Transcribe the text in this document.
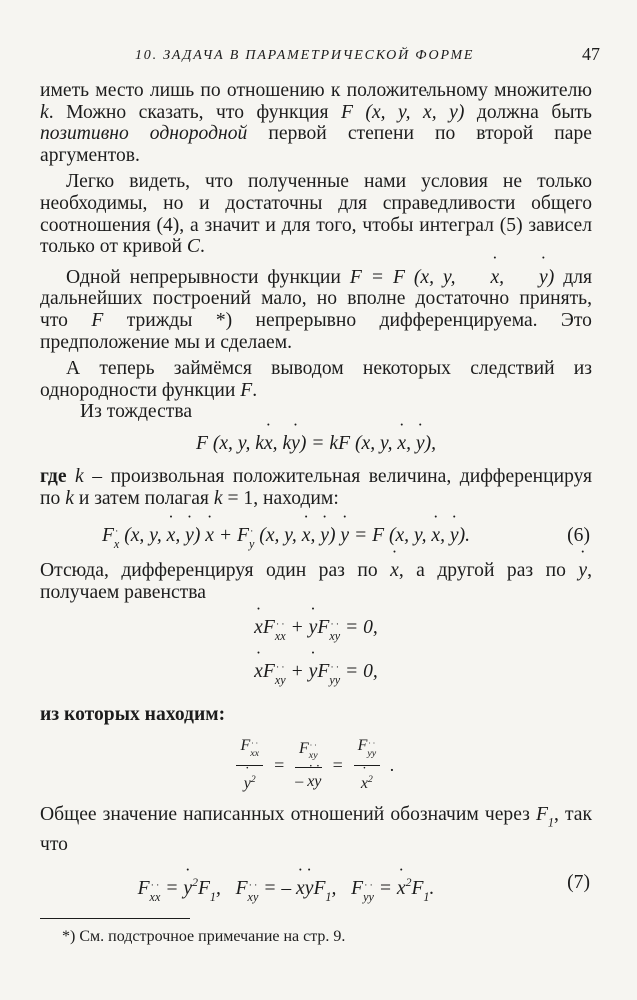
10. ЗАДАЧА В ПАРАМЕТРИЧЕСКОЙ ФОРМЕ	47

иметь место лишь по отношению к положительному множителю k. Можно сказать, что функция F (x, y, ˙ x, ˙ y) должна быть позитивно однородной первой степени по второй паре аргументов.

Легко видеть, что полученные нами условия не только необходимы, но и достаточны для справедливости общего соотношения (4), а значит и для того, чтобы интеграл (5) зависел только от кривой C.

Одной непрерывности функции F = F (x, y, ˙ x, ˙ y) для дальнейших построений мало, но вполне достаточно принять, что F трижды *) непрерывно дифференцируема. Это предположение мы и сделаем.

А теперь займёмся выводом некоторых следствий из однородности функции F.

Из тождества

F (x, y, k˙ x, k˙ y) = kF (x, y, ˙ x, ˙ y),

где k – произвольная положительная величина, дифференцируя по k и затем полагая k = 1, находим:

F˙ $_x$ (x, y, ˙ x, ˙ y) ˙ x + F˙ $_y$ (x, y, ˙ x, ˙ y) ˙ y = F (x, y, ˙ x, ˙ y).	(6)

Отсюда, дифференцируя один раз по ˙ x, а другой раз по ˙ y, получаем равенства

˙ xF˙ $_{x˙ x}$ + ˙ yF˙ $_{x˙ y}$ = 0,
˙ xF˙ $_{x˙ y}$ + ˙ yF˙ $_{y˙ y}$ = 0,

из которых находим:

F˙ $_{x˙ x}$
˙ $y^2$
=
F˙ $_{x˙ y}$
– ˙ x˙ y
=
F˙ $_{y˙ y}$
˙ $x^2$
.

Общее значение написанных отношений обозначим через $F_1$, так что

F˙ $_{x˙ x}$ = ˙ $y^2F_1$,   F˙ $_{x˙ y}$ = – ˙ x˙ $yF_1$,   F˙ $_{y˙ y}$ = ˙ $x^2F_1$.	(7)
*) См. подстрочное примечание на стр. 9.
